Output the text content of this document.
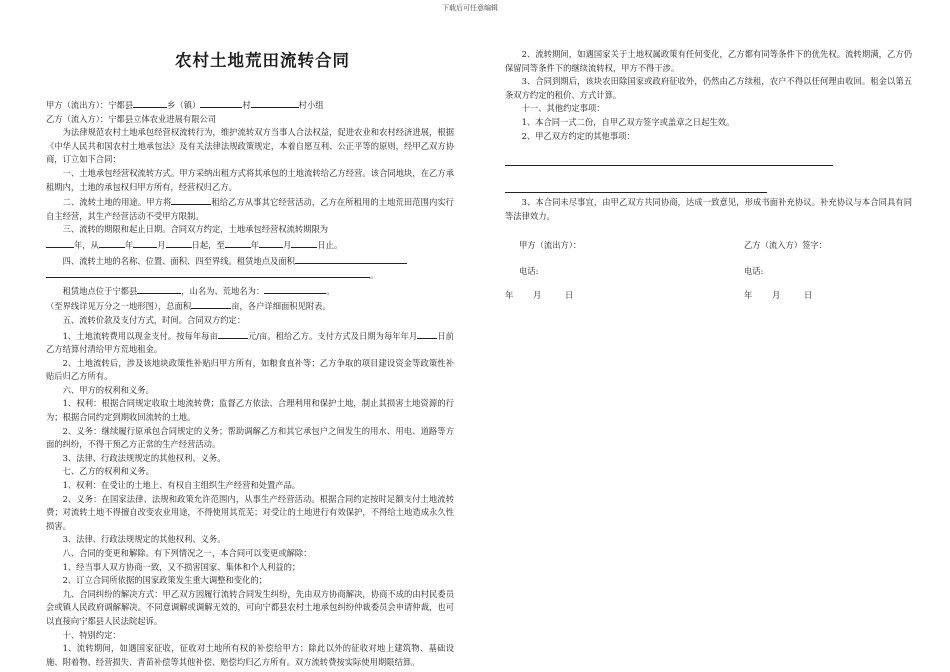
下载后可任意编辑
农村土地荒田流转合同

甲方（流出方）：宁都县	乡（镇）	村	村小组

乙方（流入方）：宁都县立体农业进展有限公司

为法律规范农村土地承包经营权流转行为，维护流转双方当事人合法权益，促进农业和农村经济进展，根据《中华人民共和国农村土地承包法》及有关法律法规政策规定，本着自愿互利、公正平等的原则，经甲乙双方协商，订立如下合同：

一、土地承包经营权流转方式。甲方采纳出租方式将其承包的土地流转给乙方经营。该合同地块，在乙方承租期内，土地的承包权归甲方所有，经营权归乙方。

二、流转土地的用途。甲方将	租给乙方从事其它经营活动，乙方在所租用的土地荒田范围内实行自主经营，其生产经营活动不受甲方限制。

三、流转的期限和起止日期。合同双方约定，土地承包经营权流转期限为

年，从	年	月	日起，至	年	月	日止。

四、流转土地的名称、位置、面积、四至界线。租赁地点及面积

。

租赁地点位于宁都县	，山名为、荒地名为：	。

（至界线详见万分之一地形图），总面积	亩，各户详细面积见附表。

五、流转价款及支付方式，时间。合同双方约定：

1、土地流转费用以现金支付。按每年每亩	元/亩。租给乙方。支付方式及日期为每年年月 日前乙方结算付清给甲方荒地租金。

2、土地流转后，涉及该地块政策性补贴归甲方所有，如粮食直补等；乙方争取的项目建设资金等政策性补贴后归乙方所有。

六、甲方的权利和义务。

1、权利：根据合同规定收取土地流转费；监督乙方依法、合理利用和保护土地，制止其损害土地资源的行为；根据合同约定到期收回流转的土地。

2、义务：继续履行原承包合同规定的义务；帮助调解乙方和其它承包户之间发生的用水、用电、道路等方面的纠纷，不得干预乙方正常的生产经营活动。

3、法律、行政法规规定的其他权利、义务。

七、乙方的权利和义务。

1、权利：在受让的土地上、有权自主组织生产经营和处置产品。

2、义务：在国家法律、法规和政策允许范围内，从事生产经营活动。根据合同约定按时足额支付土地流转费；对流转土地不得擅自改变农业用途，不得使用其荒芜；对受让的土地进行有效保护，不得给土地造成永久性损害。

3、法律、行政法规规定的其他权利、义务。

八、合同的变更和解除。有下列情况之一，本合同可以变更或解除：

1、经当事人双方协商一致，又不损害国家、集体和个人利益的；

2、订立合同所依据的国家政策发生重大调整和变化的；

九、合同纠纷的解决方式：甲乙双方因履行流转合同发生纠纷，先由双方协商解决，协商不成的由村民委员会或镇人民政府调解解决。不同意调解或调解无效的，可向宁都县农村土地承包纠纷仲裁委员会申请仲裁，也可以直接向宁都县人民法院起诉。

十、特别约定：

1、流转期间，如遇国家征收，征收对土地所有权的补偿给甲方；除此以外的征收对地上建筑物、基础设施、附着物、经营损失、青苗补偿等其他补偿、赔偿均归乙方所有。双方流转费按实际使用期限结算。

2、流转期间，如遇国家关于土地权属政策有任何变化，乙方都有同等条件下的优先权。流转期满，乙方仍保留同等条件下的继续流转权，甲方不得干涉。

3、合同到期后，该块农田除国家或政府征收外，仍然由乙方续租，农户不得以任何理由收回。租金以第五条双方约定的租价、方式计算。

十一、其他约定事项：

1、本合同一式二份，自甲乙双方签字或盖章之日起生效。

2、甲乙双方约定的其他事项：

3、本合同未尽事宜，由甲乙双方共同协商，达成一致意见，形成书面补充协议。补充协议与本合同具有同等法律效力。

甲方（流出方）：	乙方（流入方）签字：
电话:	电话:
年 月	日	年 月	日
